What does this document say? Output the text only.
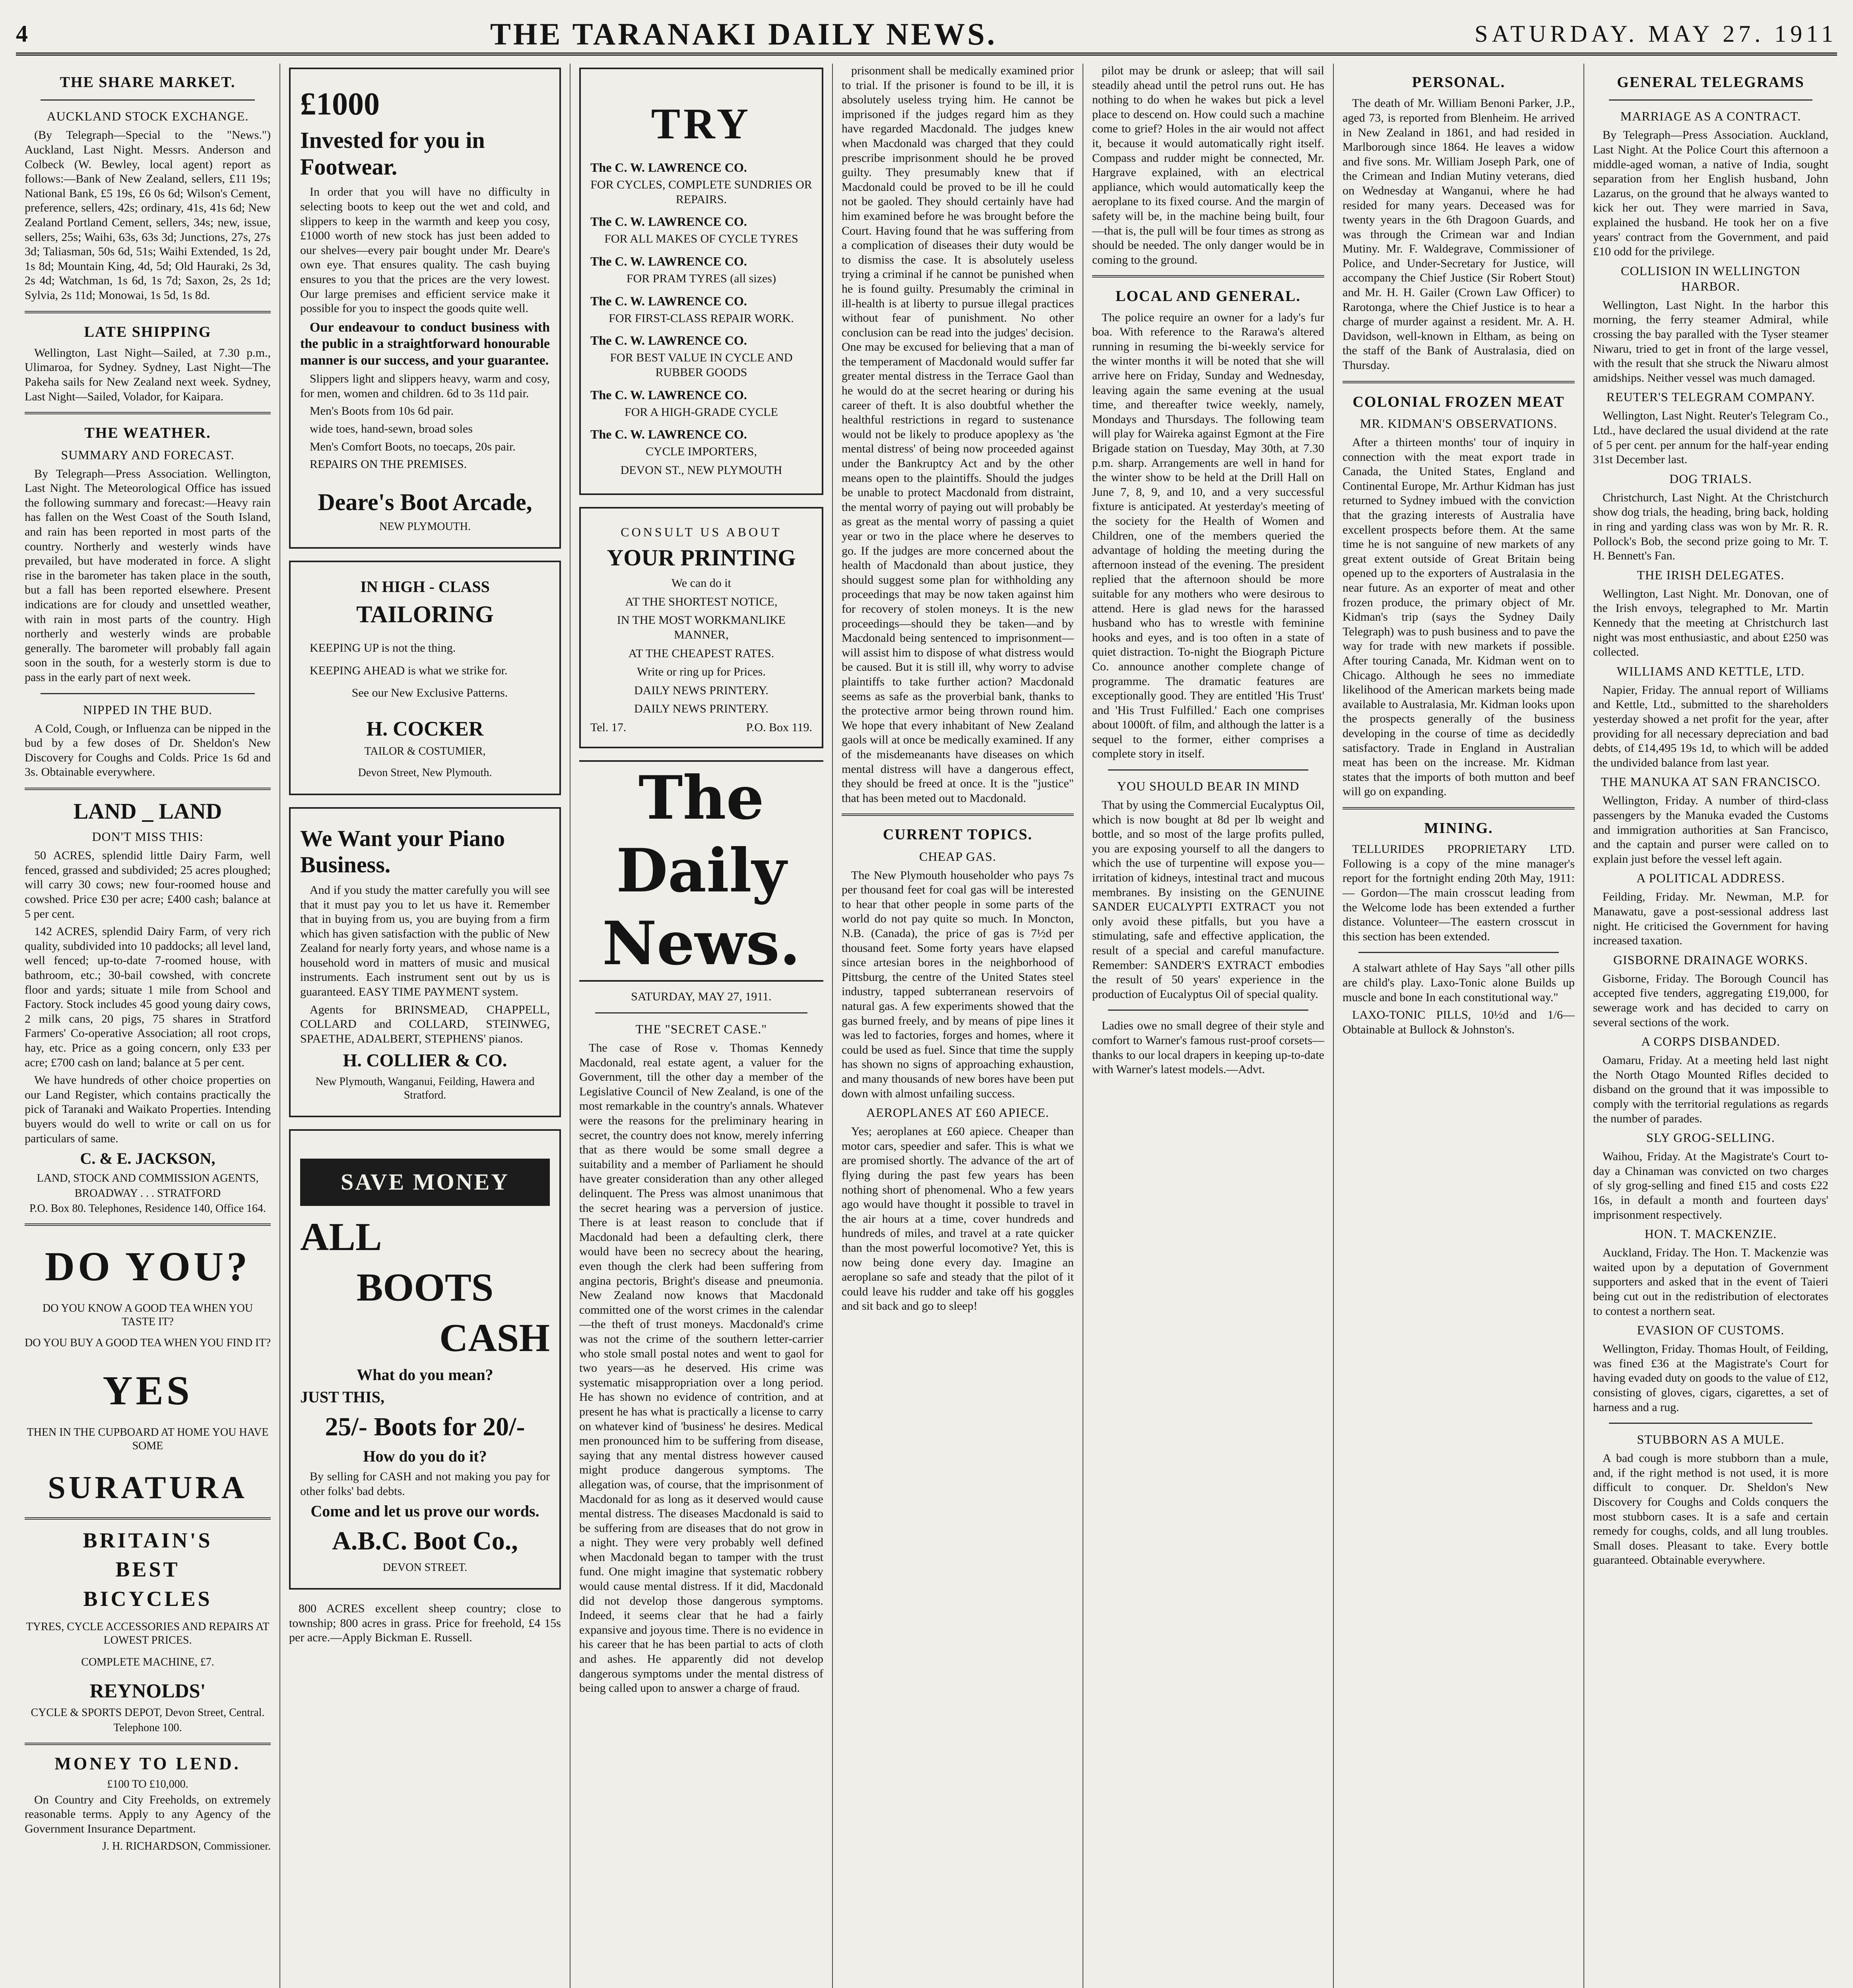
4	THE TARANAKI DAILY NEWS.	SATURDAY. MAY 27. 1911
THE SHARE MARKET.
AUCKLAND STOCK EXCHANGE.

(By Telegraph—Special to the "News.") Auckland, Last Night. Messrs. Anderson and Colbeck (W. Bewley, local agent) report as follows:—Bank of New Zealand, sellers, £11 19s; National Bank, £5 19s, £6 0s 6d; Wilson's Cement, preference, sellers, 42s; ordinary, 41s, 41s 6d; New Zealand Portland Cement, sellers, 34s; new, issue, sellers, 25s; Waihi, 63s, 63s 3d; Junctions, 27s, 27s 3d; Taliasman, 50s 6d, 51s; Waihi Extended, 1s 2d, 1s 8d; Mountain King, 4d, 5d; Old Hauraki, 2s 3d, 2s 4d; Watchman, 1s 6d, 1s 7d; Saxon, 2s, 2s 1d; Sylvia, 2s 11d; Monowai, 1s 5d, 1s 8d.

LATE SHIPPING

Wellington, Last Night—Sailed, at 7.30 p.m., Ulimaroa, for Sydney. Sydney, Last Night—The Pakeha sails for New Zealand next week. Sydney, Last Night—Sailed, Volador, for Kaipara.

THE WEATHER.
SUMMARY AND FORECAST.

By Telegraph—Press Association. Wellington, Last Night. The Meteorological Office has issued the following summary and forecast:—Heavy rain has fallen on the West Coast of the South Island, and rain has been reported in most parts of the country. Northerly and westerly winds have prevailed, but have moderated in force. A slight rise in the barometer has taken place in the south, but a fall has been reported elsewhere. Present indications are for cloudy and unsettled weather, with rain in most parts of the country. High northerly and westerly winds are probable generally. The barometer will probably fall again soon in the south, for a westerly storm is due to pass in the early part of next week.

NIPPED IN THE BUD.

A Cold, Cough, or Influenza can be nipped in the bud by a few doses of Dr. Sheldon's New Discovery for Coughs and Colds. Price 1s 6d and 3s. Obtainable everywhere.

LAND _ LAND
DON'T MISS THIS:

50 ACRES, splendid little Dairy Farm, well fenced, grassed and subdivided; 25 acres ploughed; will carry 30 cows; new four-roomed house and cowshed. Price £30 per acre; £400 cash; balance at 5 per cent.

142 ACRES, splendid Dairy Farm, of very rich quality, subdivided into 10 paddocks; all level land, well fenced; up-to-date 7-roomed house, with bathroom, etc.; 30-bail cowshed, with concrete floor and yards; situate 1 mile from School and Factory. Stock includes 45 good young dairy cows, 2 milk cans, 20 pigs, 75 shares in Stratford Farmers' Co-operative Association; all root crops, hay, etc. Price as a going concern, only £33 per acre; £700 cash on land; balance at 5 per cent.

We have hundreds of other choice properties on our Land Register, which contains practically the pick of Taranaki and Waikato Properties. Intending buyers would do well to write or call on us for particulars of same.

C. & E. JACKSON,
LAND, STOCK AND COMMISSION AGENTS,
BROADWAY . . . STRATFORD
P.O. Box 80. Telephones, Residence 140, Office 164.
DO YOU?
DO YOU KNOW A GOOD TEA WHEN YOU TASTE IT?
DO YOU BUY A GOOD TEA WHEN YOU FIND IT?
YES
THEN IN THE CUPBOARD AT HOME YOU HAVE SOME
SURATURA
BRITAIN'S
BEST
BICYCLES
TYRES, CYCLE ACCESSORIES AND REPAIRS AT LOWEST PRICES.
COMPLETE MACHINE, £7.
REYNOLDS'
CYCLE & SPORTS DEPOT, Devon Street, Central.
Telephone 100.
MONEY TO LEND.
£100 TO £10,000.

On Country and City Freeholds, on extremely reasonable terms. Apply to any Agency of the Government Insurance Department.

J. H. RICHARDSON, Commissioner.
£1000
Invested for you in Footwear.

In order that you will have no difficulty in selecting boots to keep out the wet and cold, and slippers to keep in the warmth and keep you cosy, £1000 worth of new stock has just been added to our shelves—every pair bought under Mr. Deare's own eye. That ensures quality. The cash buying ensures to you that the prices are the very lowest. Our large premises and efficient service make it possible for you to inspect the goods quite well.

Our endeavour to conduct business with the public in a straightforward honourable manner is our success, and your guarantee.

Slippers light and slippers heavy, warm and cosy, for men, women and children. 6d to 3s 11d pair.

Men's Boots from 10s 6d pair.

wide toes, hand-sewn, broad soles

Men's Comfort Boots, no toecaps, 20s pair.

REPAIRS ON THE PREMISES.

Deare's Boot Arcade,
NEW PLYMOUTH.
IN HIGH - CLASS
TAILORING

KEEPING UP is not the thing.

KEEPING AHEAD is what we strike for.

See our New Exclusive Patterns.

H. COCKER
TAILOR & COSTUMIER,
Devon Street, New Plymouth.
We Want your Piano Business.

And if you study the matter carefully you will see that it must pay you to let us have it. Remember that in buying from us, you are buying from a firm which has given satisfaction with the public of New Zealand for nearly forty years, and whose name is a household word in matters of music and musical instruments. Each instrument sent out by us is guaranteed. EASY TIME PAYMENT system.

Agents for BRINSMEAD, CHAPPELL, COLLARD and COLLARD, STEINWEG, SPAETHE, ADALBERT, STEPHENS' pianos.

H. COLLIER & CO.
New Plymouth, Wanganui, Feilding, Hawera and Stratford.
SAVE MONEY
ALL
BOOTS
CASH
What do you mean?
JUST THIS,
25/- Boots for 20/-
How do you do it?

By selling for CASH and not making you pay for other folks' bad debts.

Come and let us prove our words.
A.B.C. Boot Co.,
DEVON STREET.

800 ACRES excellent sheep country; close to township; 800 acres in grass. Price for freehold, £4 15s per acre.—Apply Bickman E. Russell.

TRY
The C. W. LAWRENCE CO.
FOR CYCLES, COMPLETE SUNDRIES OR REPAIRS.
The C. W. LAWRENCE CO.
FOR ALL MAKES OF CYCLE TYRES
The C. W. LAWRENCE CO.
FOR PRAM TYRES (all sizes)
The C. W. LAWRENCE CO.
FOR FIRST-CLASS REPAIR WORK.
The C. W. LAWRENCE CO.
FOR BEST VALUE IN CYCLE AND RUBBER GOODS
The C. W. LAWRENCE CO.
FOR A HIGH-GRADE CYCLE
The C. W. LAWRENCE CO.
CYCLE IMPORTERS,
DEVON ST., NEW PLYMOUTH
CONSULT US ABOUT
YOUR PRINTING
We can do it
AT THE SHORTEST NOTICE,
IN THE MOST WORKMANLIKE MANNER,
AT THE CHEAPEST RATES.
Write or ring up for Prices.
DAILY NEWS PRINTERY.
DAILY NEWS PRINTERY.
Tel. 17.	P.O. Box 119.
The Daily News.
SATURDAY, MAY 27, 1911.
THE "SECRET CASE."

The case of Rose v. Thomas Kennedy Macdonald, real estate agent, a valuer for the Government, till the other day a member of the Legislative Council of New Zealand, is one of the most remarkable in the country's annals. Whatever were the reasons for the preliminary hearing in secret, the country does not know, merely inferring that as there would be some small degree a suitability and a member of Parliament he should have greater consideration than any other alleged delinquent. The Press was almost unanimous that the secret hearing was a perversion of justice. There is at least reason to conclude that if Macdonald had been a defaulting clerk, there would have been no secrecy about the hearing, even though the clerk had been suffering from angina pectoris, Bright's disease and pneumonia. New Zealand now knows that Macdonald committed one of the worst crimes in the calendar—the theft of trust moneys. Macdonald's crime was not the crime of the southern letter-carrier who stole small postal notes and went to gaol for two years—as he deserved. His crime was systematic misappropriation over a long period. He has shown no evidence of contrition, and at present he has what is practically a license to carry on whatever kind of 'business' he desires. Medical men pronounced him to be suffering from disease, saying that any mental distress however caused might produce dangerous symptoms. The allegation was, of course, that the imprisonment of Macdonald for as long as it deserved would cause mental distress. The diseases Macdonald is said to be suffering from are diseases that do not grow in a night. They were very probably well defined when Macdonald began to tamper with the trust fund. One might imagine that systematic robbery would cause mental distress. If it did, Macdonald did not develop those dangerous symptoms. Indeed, it seems clear that he had a fairly expansive and joyous time. There is no evidence in his career that he has been partial to acts of cloth and ashes. He apparently did not develop dangerous symptoms under the mental distress of being called upon to answer a charge of fraud.

prisonment shall be medically examined prior to trial. If the prisoner is found to be ill, it is absolutely useless trying him. He cannot be imprisoned if the judges regard him as they have regarded Macdonald. The judges knew when Macdonald was charged that they could prescribe imprisonment should he be proved guilty. They presumably knew that if Macdonald could be proved to be ill he could not be gaoled. They should certainly have had him examined before he was brought before the Court. Having found that he was suffering from a complication of diseases their duty would be to dismiss the case. It is absolutely useless trying a criminal if he cannot be punished when he is found guilty. Presumably the criminal in ill-health is at liberty to pursue illegal practices without fear of punishment. No other conclusion can be read into the judges' decision. One may be excused for believing that a man of the temperament of Macdonald would suffer far greater mental distress in the Terrace Gaol than he would do at the secret hearing or during his career of theft. It is also doubtful whether the healthful restrictions in regard to sustenance would not be likely to produce apoplexy as 'the mental distress' of being now proceeded against under the Bankruptcy Act and by the other means open to the plaintiffs. Should the judges be unable to protect Macdonald from distraint, the mental worry of paying out will probably be as great as the mental worry of passing a quiet year or two in the place where he deserves to go. If the judges are more concerned about the health of Macdonald than about justice, they should suggest some plan for withholding any proceedings that may be now taken against him for recovery of stolen moneys. It is the new proceedings—should they be taken—and by Macdonald being sentenced to imprisonment—will assist him to dispose of what distress would be caused. But it is still ill, why worry to advise plaintiffs to take further action? Macdonald seems as safe as the proverbial bank, thanks to the protective armor being thrown round him. We hope that every inhabitant of New Zealand gaols will at once be medically examined. If any of the misdemeanants have diseases on which mental distress will have a dangerous effect, they should be freed at once. It is the "justice" that has been meted out to Macdonald.

CURRENT TOPICS.
CHEAP GAS.

The New Plymouth householder who pays 7s per thousand feet for coal gas will be interested to hear that other people in some parts of the world do not pay quite so much. In Moncton, N.B. (Canada), the price of gas is 7½d per thousand feet. Some forty years have elapsed since artesian bores in the neighborhood of Pittsburg, the centre of the United States steel industry, tapped subterranean reservoirs of natural gas. A few experiments showed that the gas burned freely, and by means of pipe lines it was led to factories, forges and homes, where it could be used as fuel. Since that time the supply has shown no signs of approaching exhaustion, and many thousands of new bores have been put down with almost unfailing success.

AEROPLANES AT £60 APIECE.

Yes; aeroplanes at £60 apiece. Cheaper than motor cars, speedier and safer. This is what we are promised shortly. The advance of the art of flying during the past few years has been nothing short of phenomenal. Who a few years ago would have thought it possible to travel in the air hours at a time, cover hundreds and hundreds of miles, and travel at a rate quicker than the most powerful locomotive? Yet, this is now being done every day. Imagine an aeroplane so safe and steady that the pilot of it could leave his rudder and take off his goggles and sit back and go to sleep!

pilot may be drunk or asleep; that will sail steadily ahead until the petrol runs out. He has nothing to do when he wakes but pick a level place to descend on. How could such a machine come to grief? Holes in the air would not affect it, because it would automatically right itself. Compass and rudder might be connected, Mr. Hargrave explained, with an electrical appliance, which would automatically keep the aeroplane to its fixed course. And the margin of safety will be, in the machine being built, four—that is, the pull will be four times as strong as should be needed. The only danger would be in coming to the ground.

LOCAL AND GENERAL.

The police require an owner for a lady's fur boa. With reference to the Rarawa's altered running in resuming the bi-weekly service for the winter months it will be noted that she will arrive here on Friday, Sunday and Wednesday, leaving again the same evening at the usual time, and thereafter twice weekly, namely, Mondays and Thursdays. The following team will play for Waireka against Egmont at the Fire Brigade station on Tuesday, May 30th, at 7.30 p.m. sharp. Arrangements are well in hand for the winter show to be held at the Drill Hall on June 7, 8, 9, and 10, and a very successful fixture is anticipated. At yesterday's meeting of the society for the Health of Women and Children, one of the members queried the advantage of holding the meeting during the afternoon instead of the evening. The president replied that the afternoon should be more suitable for any mothers who were desirous to attend. Here is glad news for the harassed husband who has to wrestle with feminine hooks and eyes, and is too often in a state of quiet distraction. To-night the Biograph Picture Co. announce another complete change of programme. The dramatic features are exceptionally good. They are entitled 'His Trust' and 'His Trust Fulfilled.' Each one comprises about 1000ft. of film, and although the latter is a sequel to the former, either comprises a complete story in itself.

YOU SHOULD BEAR IN MIND

That by using the Commercial Eucalyptus Oil, which is now bought at 8d per lb weight and bottle, and so most of the large profits pulled, you are exposing yourself to all the dangers to which the use of turpentine will expose you—irritation of kidneys, intestinal tract and mucous membranes. By insisting on the GENUINE SANDER EUCALYPTI EXTRACT you not only avoid these pitfalls, but you have a stimulating, safe and effective application, the result of a special and careful manufacture. Remember: SANDER'S EXTRACT embodies the result of 50 years' experience in the production of Eucalyptus Oil of special quality.

Ladies owe no small degree of their style and comfort to Warner's famous rust-proof corsets—thanks to our local drapers in keeping up-to-date with Warner's latest models.—Advt.

PERSONAL.

The death of Mr. William Benoni Parker, J.P., aged 73, is reported from Blenheim. He arrived in New Zealand in 1861, and had resided in Marlborough since 1864. He leaves a widow and five sons. Mr. William Joseph Park, one of the Crimean and Indian Mutiny veterans, died on Wednesday at Wanganui, where he had resided for many years. Deceased was for twenty years in the 6th Dragoon Guards, and was through the Crimean war and Indian Mutiny. Mr. F. Waldegrave, Commissioner of Police, and Under-Secretary for Justice, will accompany the Chief Justice (Sir Robert Stout) and Mr. H. H. Gailer (Crown Law Officer) to Rarotonga, where the Chief Justice is to hear a charge of murder against a resident. Mr. A. H. Davidson, well-known in Eltham, as being on the staff of the Bank of Australasia, died on Thursday.

COLONIAL FROZEN MEAT
MR. KIDMAN'S OBSERVATIONS.

After a thirteen months' tour of inquiry in connection with the meat export trade in Canada, the United States, England and Continental Europe, Mr. Arthur Kidman has just returned to Sydney imbued with the conviction that the grazing interests of Australia have excellent prospects before them. At the same time he is not sanguine of new markets of any great extent outside of Great Britain being opened up to the exporters of Australasia in the near future. As an exporter of meat and other frozen produce, the primary object of Mr. Kidman's trip (says the Sydney Daily Telegraph) was to push business and to pave the way for trade with new markets if possible. After touring Canada, Mr. Kidman went on to Chicago. Although he sees no immediate likelihood of the American markets being made available to Australasia, Mr. Kidman looks upon the prospects generally of the business developing in the course of time as decidedly satisfactory. Trade in England in Australian meat has been on the increase. Mr. Kidman states that the imports of both mutton and beef will go on expanding.

MINING.

TELLURIDES PROPRIETARY LTD. Following is a copy of the mine manager's report for the fortnight ending 20th May, 1911:— Gordon—The main crosscut leading from the Welcome lode has been extended a further distance. Volunteer—The eastern crosscut in this section has been extended.

A stalwart athlete of Hay Says "all other pills are child's play. Laxo-Tonic alone Builds up muscle and bone In each constitutional way."

LAXO-TONIC PILLS, 10½d and 1/6—Obtainable at Bullock & Johnston's.

GENERAL TELEGRAMS
MARRIAGE AS A CONTRACT.

By Telegraph—Press Association. Auckland, Last Night. At the Police Court this afternoon a middle-aged woman, a native of India, sought separation from her English husband, John Lazarus, on the ground that he always wanted to kick her out. They were married in Sava, explained the husband. He took her on a five years' contract from the Government, and paid £10 odd for the privilege.

COLLISION IN WELLINGTON HARBOR.

Wellington, Last Night. In the harbor this morning, the ferry steamer Admiral, while crossing the bay paralled with the Tyser steamer Niwaru, tried to get in front of the large vessel, with the result that she struck the Niwaru almost amidships. Neither vessel was much damaged.

REUTER'S TELEGRAM COMPANY.

Wellington, Last Night. Reuter's Telegram Co., Ltd., have declared the usual dividend at the rate of 5 per cent. per annum for the half-year ending 31st December last.

DOG TRIALS.

Christchurch, Last Night. At the Christchurch show dog trials, the heading, bring back, holding in ring and yarding class was won by Mr. R. R. Pollock's Bob, the second prize going to Mr. T. H. Bennett's Fan.

THE IRISH DELEGATES.

Wellington, Last Night. Mr. Donovan, one of the Irish envoys, telegraphed to Mr. Martin Kennedy that the meeting at Christchurch last night was most enthusiastic, and about £250 was collected.

WILLIAMS AND KETTLE, LTD.

Napier, Friday. The annual report of Williams and Kettle, Ltd., submitted to the shareholders yesterday showed a net profit for the year, after providing for all necessary depreciation and bad debts, of £14,495 19s 1d, to which will be added the undivided balance from last year.

THE MANUKA AT SAN FRANCISCO.

Wellington, Friday. A number of third-class passengers by the Manuka evaded the Customs and immigration authorities at San Francisco, and the captain and purser were called on to explain just before the vessel left again.

A POLITICAL ADDRESS.

Feilding, Friday. Mr. Newman, M.P. for Manawatu, gave a post-sessional address last night. He criticised the Government for having increased taxation.

GISBORNE DRAINAGE WORKS.

Gisborne, Friday. The Borough Council has accepted five tenders, aggregating £19,000, for sewerage work and has decided to carry on several sections of the work.

A CORPS DISBANDED.

Oamaru, Friday. At a meeting held last night the North Otago Mounted Rifles decided to disband on the ground that it was impossible to comply with the territorial regulations as regards the number of parades.

SLY GROG-SELLING.

Waihou, Friday. At the Magistrate's Court to-day a Chinaman was convicted on two charges of sly grog-selling and fined £15 and costs £22 16s, in default a month and fourteen days' imprisonment respectively.

HON. T. MACKENZIE.

Auckland, Friday. The Hon. T. Mackenzie was waited upon by a deputation of Government supporters and asked that in the event of Taieri being cut out in the redistribution of electorates to contest a northern seat.

EVASION OF CUSTOMS.

Wellington, Friday. Thomas Hoult, of Feilding, was fined £36 at the Magistrate's Court for having evaded duty on goods to the value of £12, consisting of gloves, cigars, cigarettes, a set of harness and a rug.

STUBBORN AS A MULE.

A bad cough is more stubborn than a mule, and, if the right method is not used, it is more difficult to conquer. Dr. Sheldon's New Discovery for Coughs and Colds conquers the most stubborn cases. It is a safe and certain remedy for coughs, colds, and all lung troubles. Small doses. Pleasant to take. Every bottle guaranteed. Obtainable everywhere.
